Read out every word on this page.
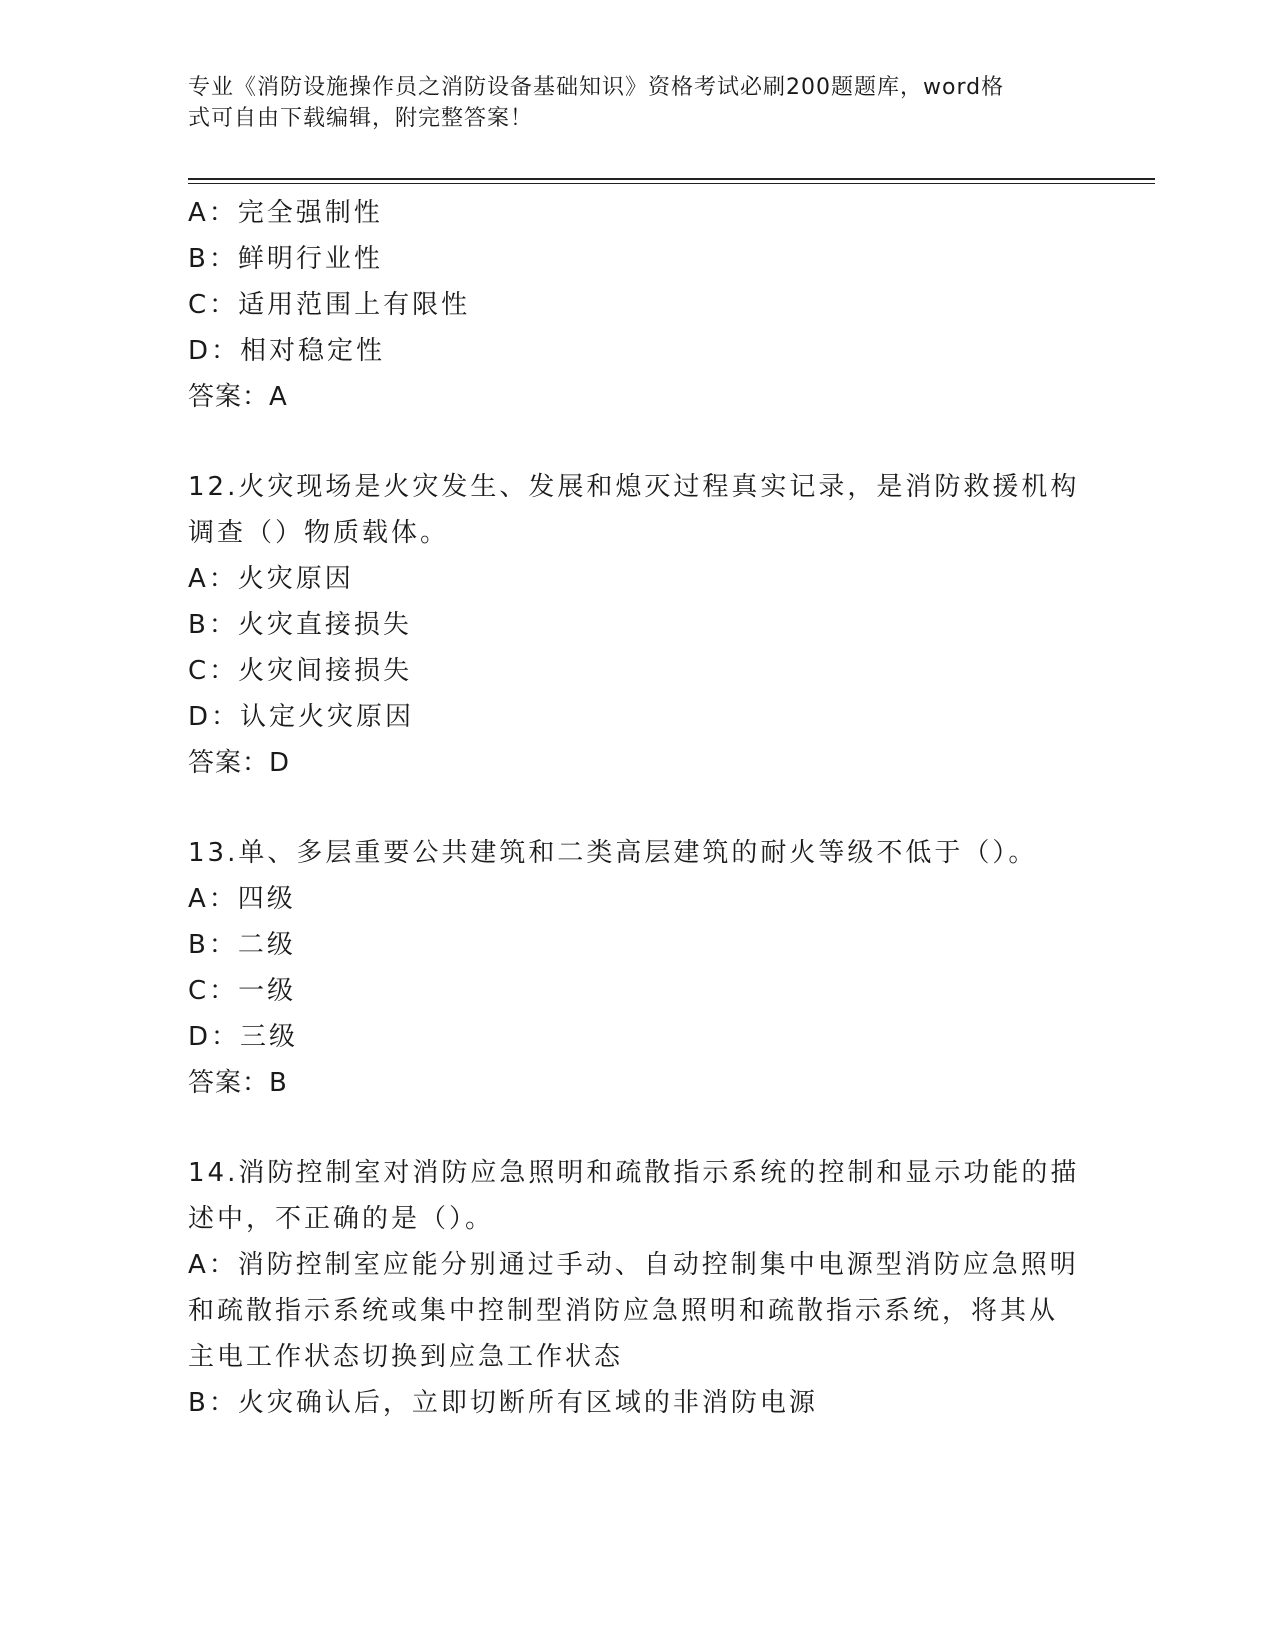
专业《消防设施操作员之消防设备基础知识》资格考试必刷200题题库，word格
式可自由下载编辑，附完整答案！
A：完全强制性
B：鲜明行业性
C：适用范围上有限性
D：相对稳定性
答案：A
12.火灾现场是火灾发生、发展和熄灭过程真实记录，是消防救援机构
调查（）物质载体。
A：火灾原因
B：火灾直接损失
C：火灾间接损失
D：认定火灾原因
答案：D
13.单、多层重要公共建筑和二类高层建筑的耐火等级不低于（）。
A：四级
B：二级
C：一级
D：三级
答案：B
14.消防控制室对消防应急照明和疏散指示系统的控制和显示功能的描
述中，不正确的是（）。
A：消防控制室应能分别通过手动、自动控制集中电源型消防应急照明
和疏散指示系统或集中控制型消防应急照明和疏散指示系统，将其从
主电工作状态切换到应急工作状态
B：火灾确认后，立即切断所有区域的非消防电源
